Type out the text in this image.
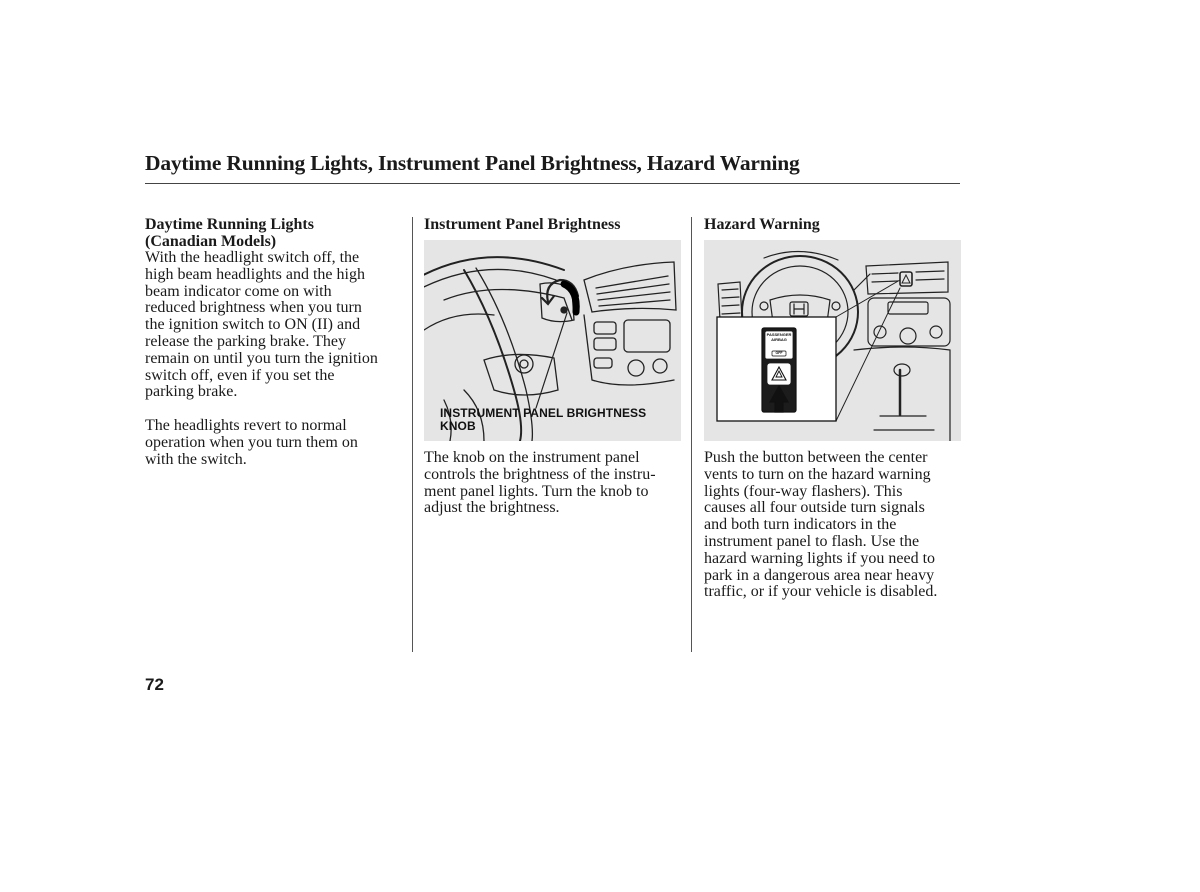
Daytime Running Lights, Instrument Panel Brightness, Hazard Warning
Daytime Running Lights
(Canadian Models)

With the headlight switch off, the
high beam headlights and the high
beam indicator come on with
reduced brightness when you turn
the ignition switch to ON (II) and
release the parking brake. They
remain on until you turn the ignition
switch off, even if you set the
parking brake.

The headlights revert to normal
operation when you turn them on
with the switch.

Instrument Panel Brightness

INSTRUMENT PANEL BRIGHTNESS
KNOB

The knob on the instrument panel
controls the brightness of the instru-
ment panel lights. Turn the knob to
adjust the brightness.

Hazard Warning
PASSENGER
AIRBAG
OFF

Push the button between the center
vents to turn on the hazard warning
lights (four-way flashers). This
causes all four outside turn signals
and both turn indicators in the
instrument panel to flash. Use the
hazard warning lights if you need to
park in a dangerous area near heavy
traffic, or if your vehicle is disabled.

72
